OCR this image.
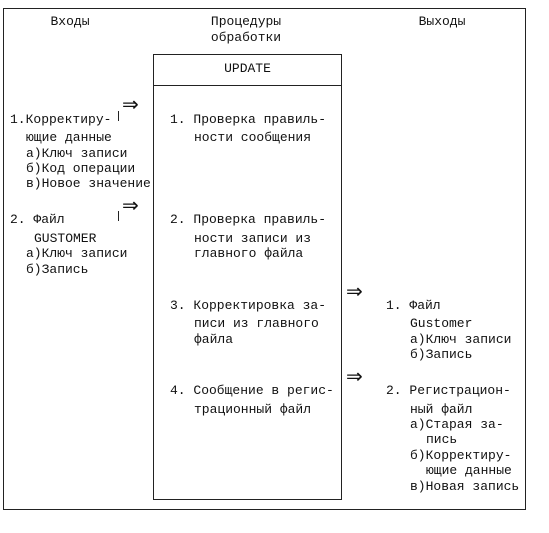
Входы	Процедуры
обработки
Выходы
UPDATE
1.Корректиру-
ющие данные
а)Ключ записи
б)Код операции
в)Новое значение
2. Файл
GUSTOMER
а)Ключ записи
б)Запись
⇒
⇒
1. Проверка правиль-
ности сообщения
2. Проверка правиль-
ности записи из
главного файла
3. Корректировка за-
писи из главного
файла
4. Сообщение в регис-
трационный файл
⇒
⇒
1. Файл
Gustomer
а)Ключ записи
б)Запись
2. Регистрацион-
ный файл
а)Старая за-
пись
б)Корректиру-
ющие данные
в)Новая запись
